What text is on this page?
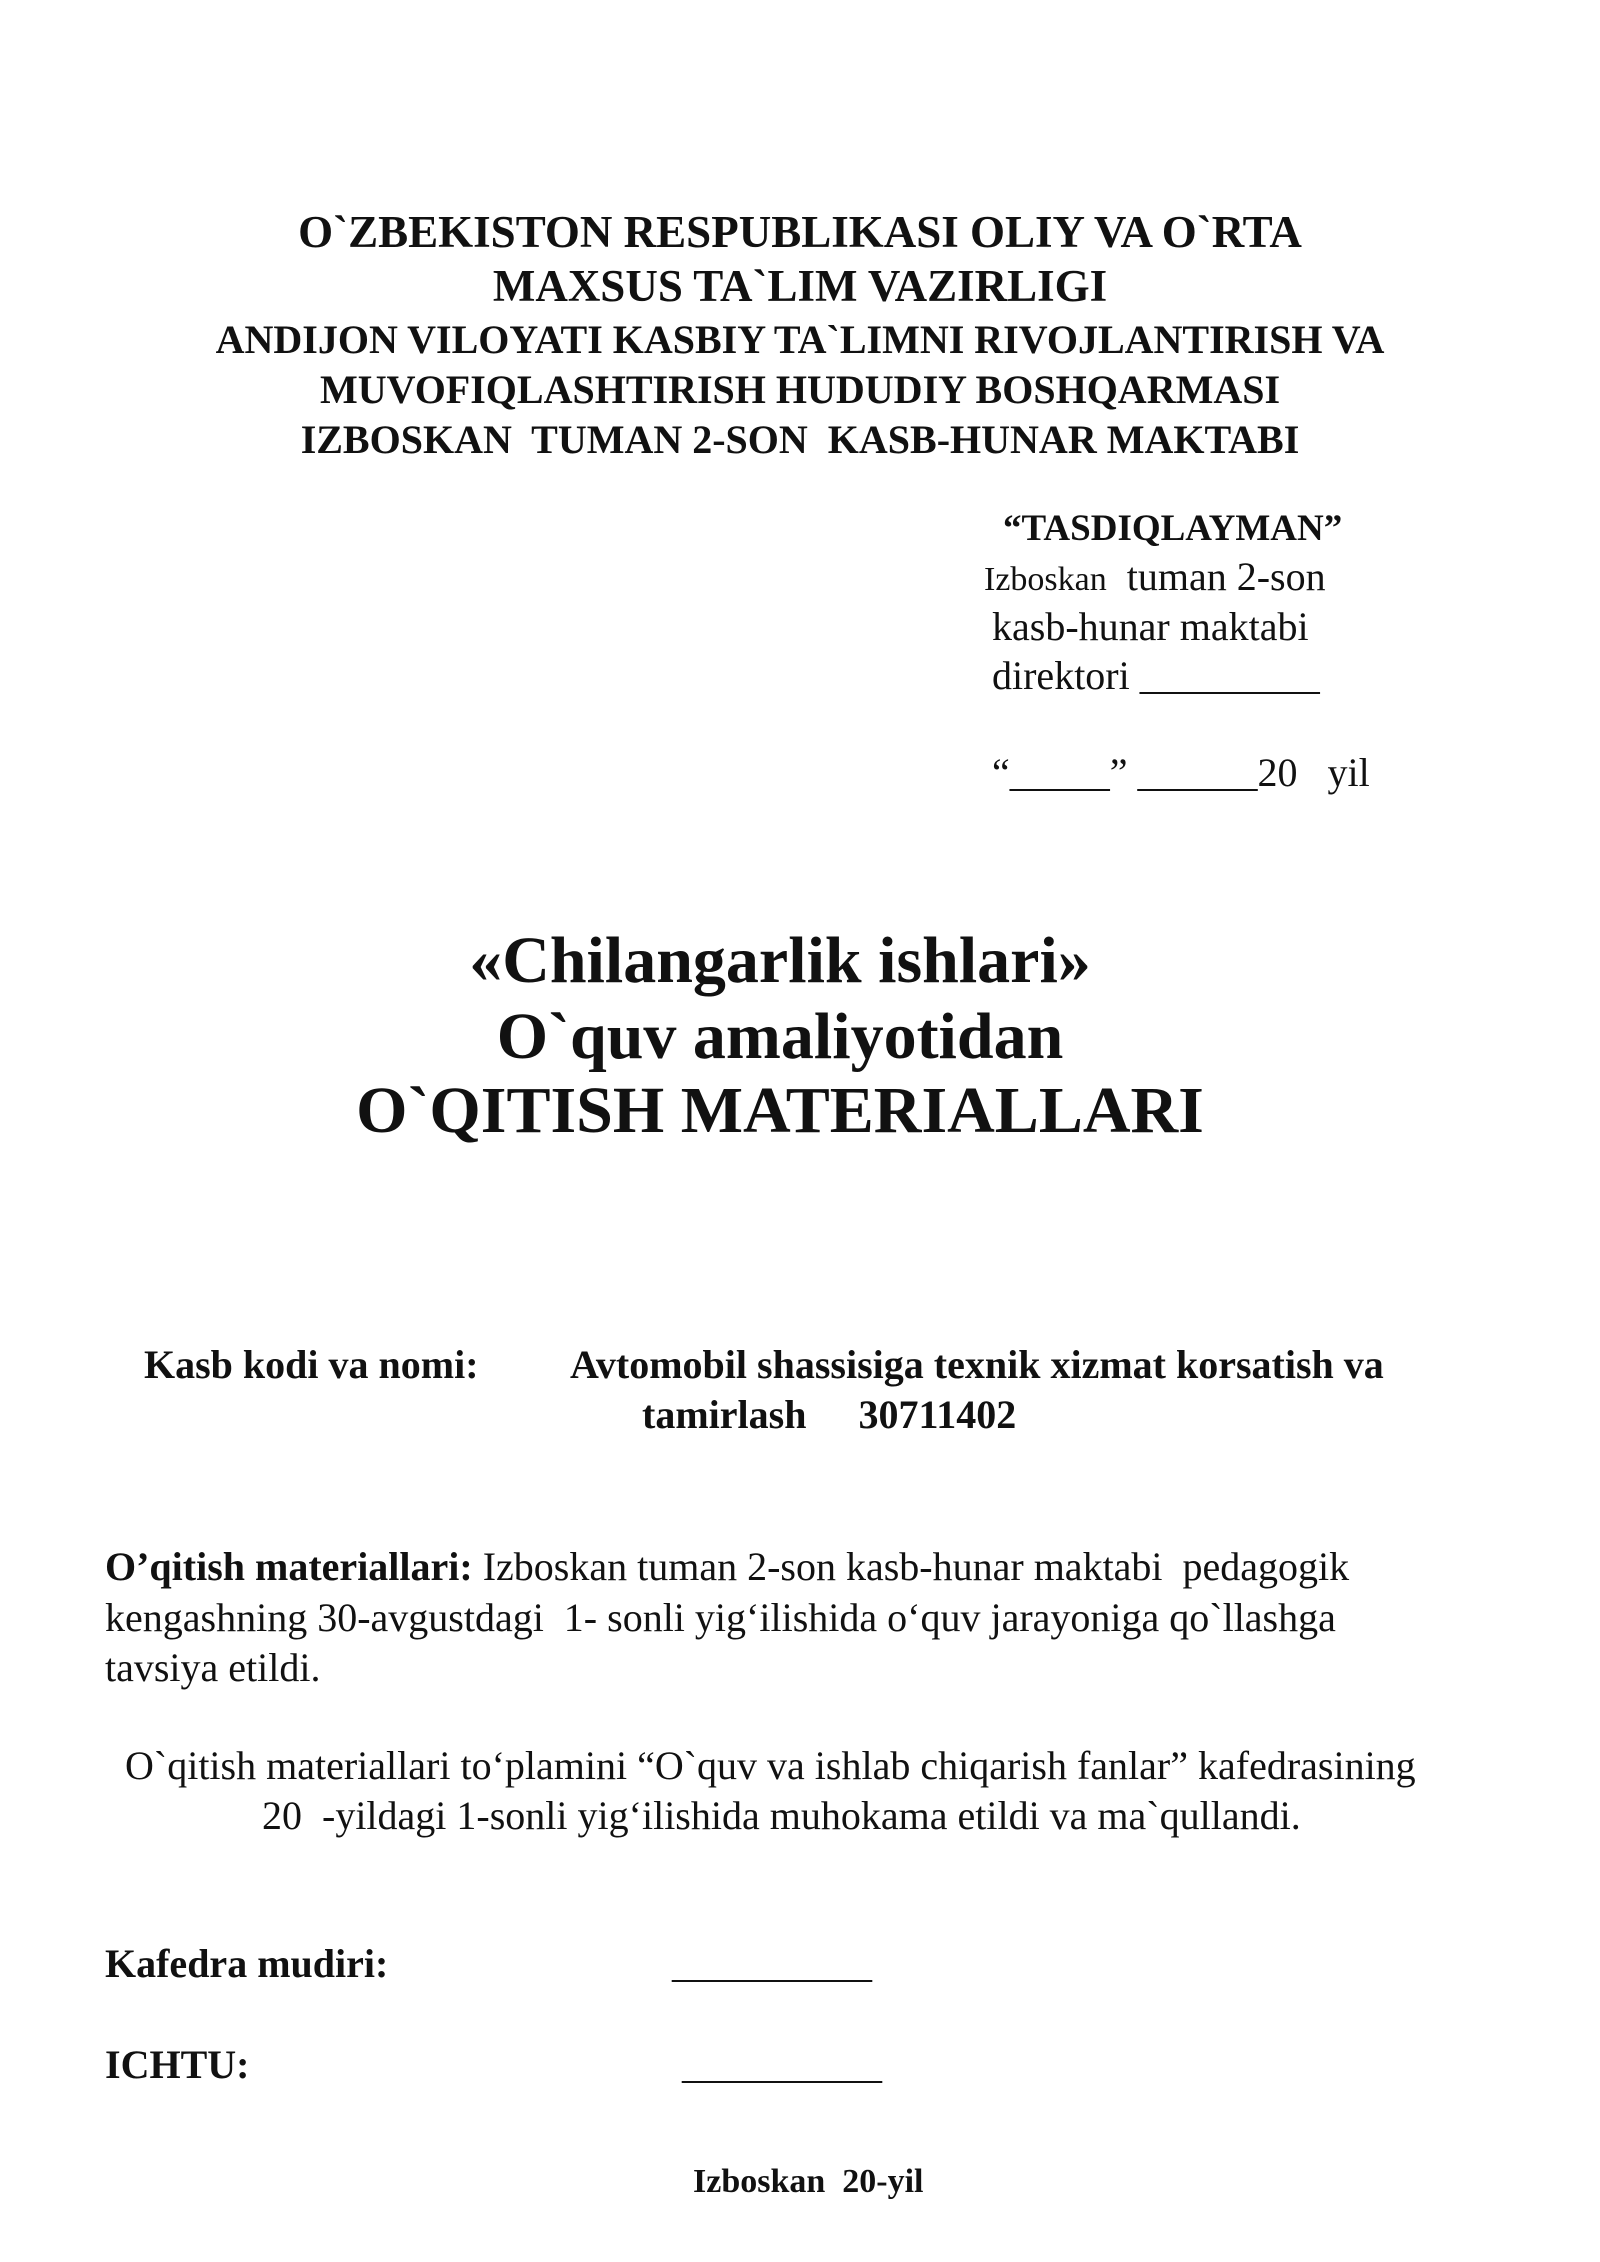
O`ZBEKISTON RESPUBLIKASI OLIY VA O`RTA
MAXSUS TA`LIM VAZIRLIGI
ANDIJON VILOYATI KASBIY TA`LIMNI RIVOJLANTIRISH VA
MUVOFIQLASHTIRISH HUDUDIY BOSHQARMASI
IZBOSKAN  TUMAN 2-SON  KASB-HUNAR MAKTABI
“TASDIQLAYMAN”
Izboskan  tuman 2-son
kasb-hunar maktabi
direktori _________
“_____” ______20   yil
«Chilangarlik ishlari»
O`quv amaliyotidan
O`QITISH MATERIALLARI
Kasb kodi va nomi: Avtomobil shassisiga texnik xizmat korsatish va
tamirlash 30711402
O’qitish materiallari: Izboskan tuman 2-son kasb-hunar maktabi  pedagogik
kengashning 30-avgustdagi  1- sonli yig‘ilishida o‘quv jarayoniga qo`llashga
tavsiya etildi.
O`qitish materiallari to‘plamini “O`quv va ishlab chiqarish fanlar” kafedrasining
20  -yildagi 1-sonli yig‘ilishida muhokama etildi va ma`qullandi.
Kafedra mudiri:	__________
ICHTU:	__________
Izboskan  20-yil
